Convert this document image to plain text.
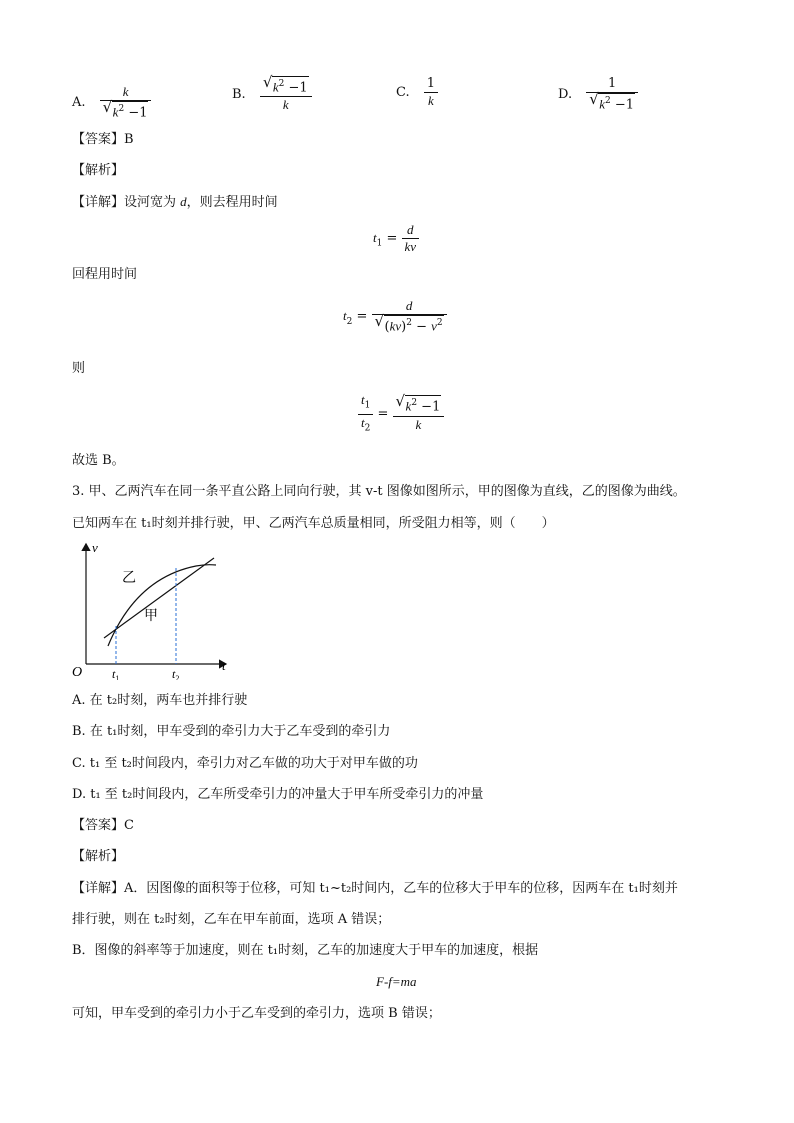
A. $\frac{k}{√ k^2 -1}$	B. $\frac{√ k^2 -1}{k}$	C. $\frac{1}{k}$	D. $\frac{1}{√ k^2 -1}$
【答案】B
【解析】
【详解】设河宽为 d，则去程用时间
$t_1 = \frac{d}{kv}$
回程用时间
$t_2 = \frac{d}{√ (kv)^2 - v^2}$
则
$\frac{t_1}{t_2} = \frac{√ k^2 -1}{k}$
故选 B。
3. 甲、乙两汽车在同一条平直公路上同向行驶，其 v-t 图像如图所示，甲的图像为直线，乙的图像为曲线。
已知两车在 t₁时刻并排行驶，甲、乙两汽车总质量相同，所受阻力相等，则（　　）
v
t
O $t_1$	$t_2$
乙
甲
A. 在 t₂时刻，两车也并排行驶
B. 在 t₁时刻，甲车受到的牵引力大于乙车受到的牵引力
C. t₁ 至 t₂时间段内，牵引力对乙车做的功大于对甲车做的功
D. t₁ 至 t₂时间段内，乙车所受牵引力的冲量大于甲车所受牵引力的冲量
【答案】C
【解析】
【详解】A．因图像的面积等于位移，可知 t₁~t₂时间内，乙车的位移大于甲车的位移，因两车在 t₁时刻并
排行驶，则在 t₂时刻，乙车在甲车前面，选项 A 错误；
B．图像的斜率等于加速度，则在 t₁时刻，乙车的加速度大于甲车的加速度，根据
F-f=ma
可知，甲车受到的牵引力小于乙车受到的牵引力，选项 B 错误；
